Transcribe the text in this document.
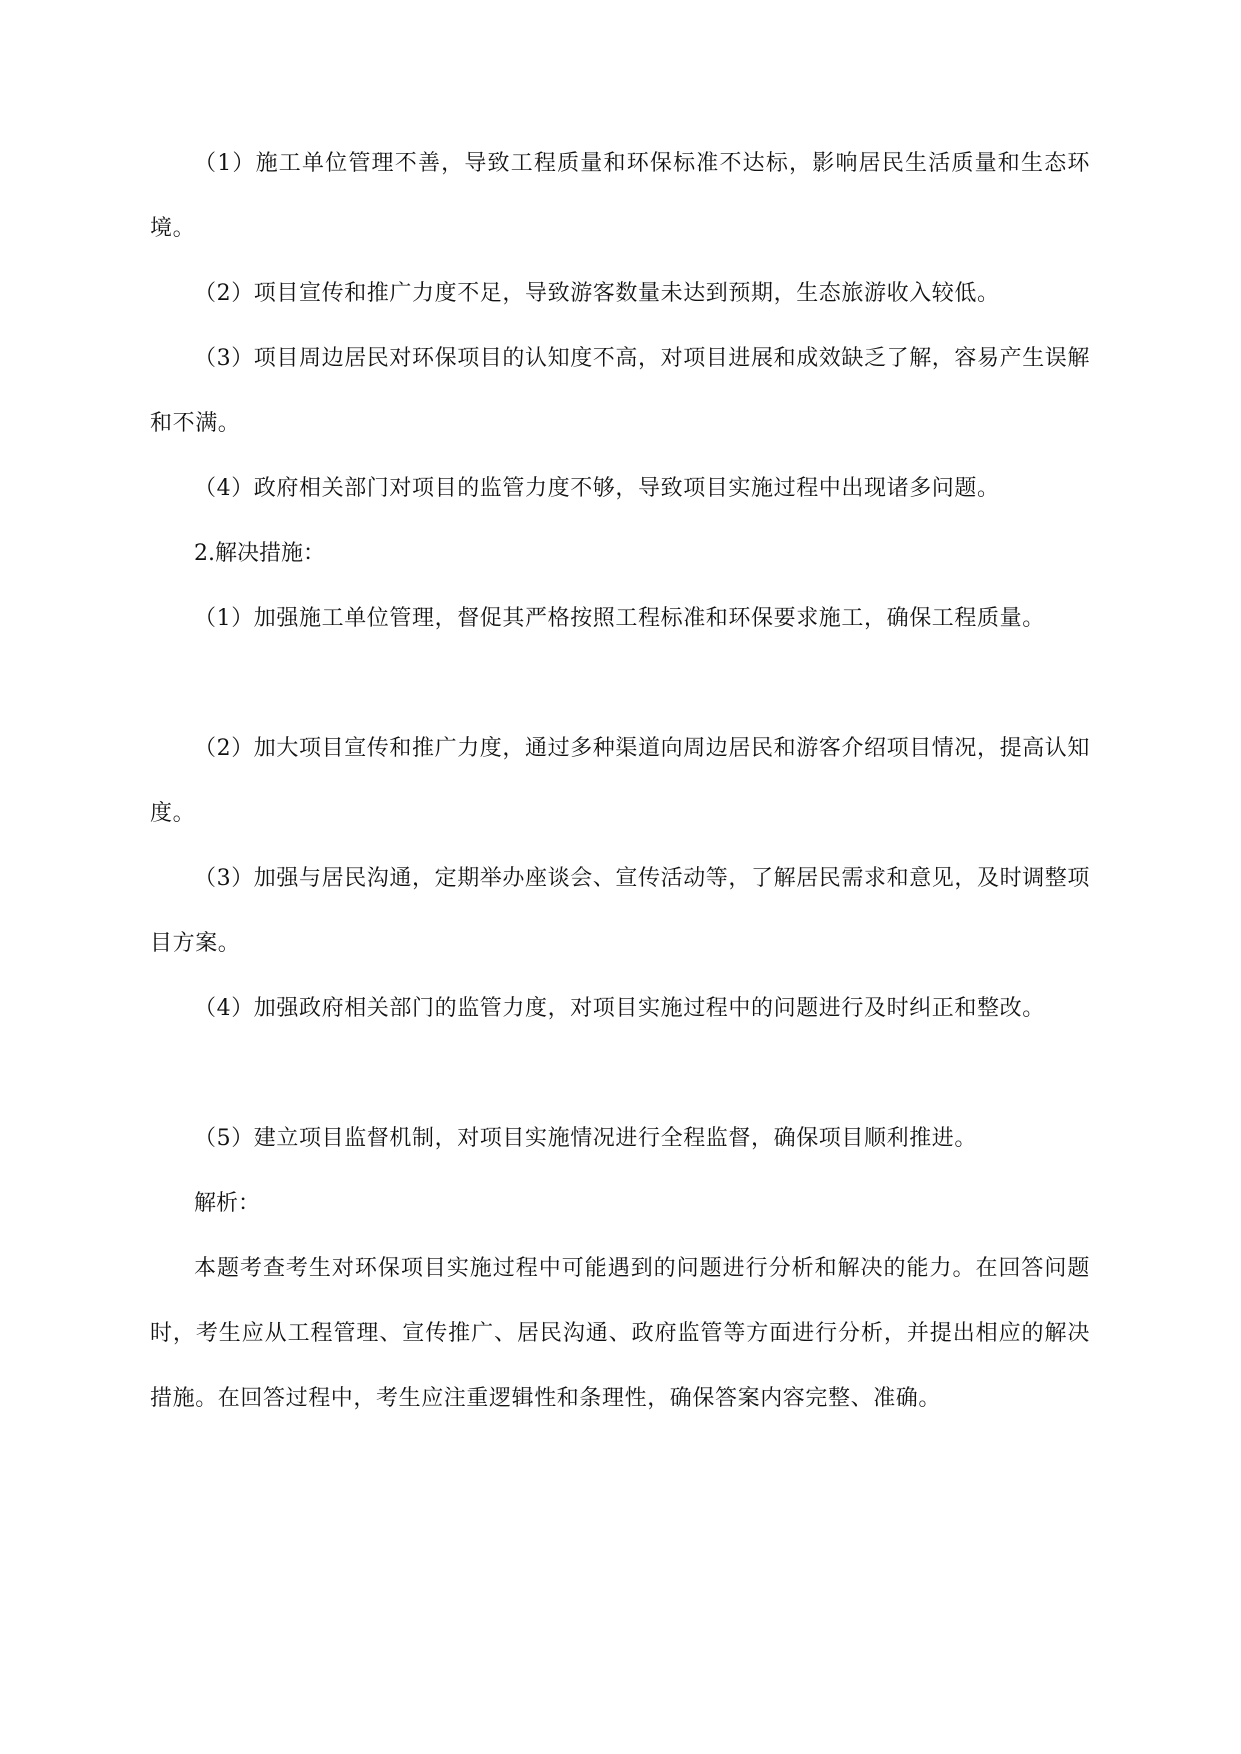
（1）施工单位管理不善，导致工程质量和环保标准不达标，影响居民生活质量和生态环境。

（2）项目宣传和推广力度不足，导致游客数量未达到预期，生态旅游收入较低。

（3）项目周边居民对环保项目的认知度不高，对项目进展和成效缺乏了解，容易产生误解和不满。

（4）政府相关部门对项目的监管力度不够，导致项目实施过程中出现诸多问题。

2.解决措施：

（1）加强施工单位管理，督促其严格按照工程标准和环保要求施工，确保工程质量。

（2）加大项目宣传和推广力度，通过多种渠道向周边居民和游客介绍项目情况，提高认知度。

（3）加强与居民沟通，定期举办座谈会、宣传活动等，了解居民需求和意见，及时调整项目方案。

（4）加强政府相关部门的监管力度，对项目实施过程中的问题进行及时纠正和整改。

（5）建立项目监督机制，对项目实施情况进行全程监督，确保项目顺利推进。

解析：

本题考查考生对环保项目实施过程中可能遇到的问题进行分析和解决的能力。在回答问题时，考生应从工程管理、宣传推广、居民沟通、政府监管等方面进行分析，并提出相应的解决措施。在回答过程中，考生应注重逻辑性和条理性，确保答案内容完整、准确。
